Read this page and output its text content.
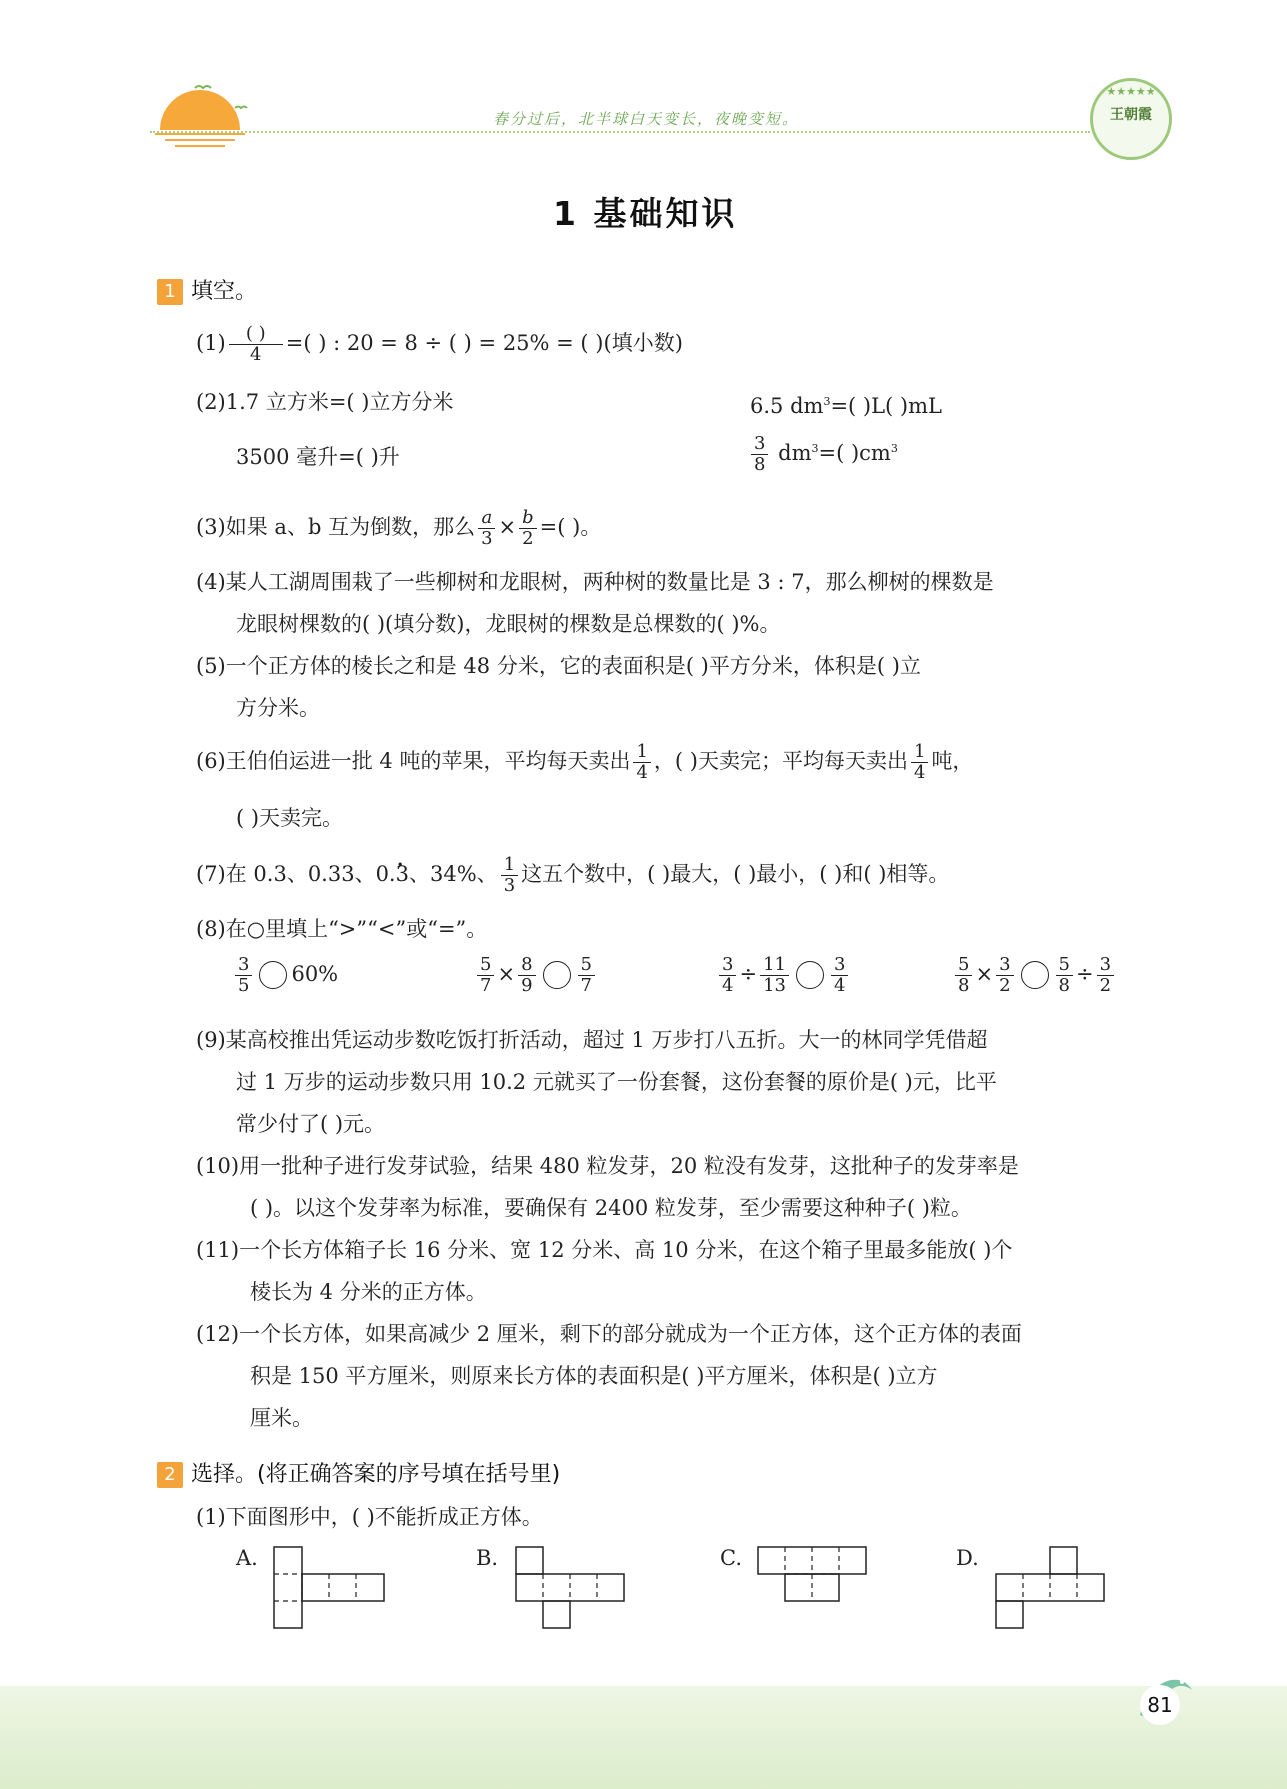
春分过后，北半球白天变长，夜晚变短。
★★★★★
王朝霞
1 基础知识
1 填空。
$(1) \frac{( )}{4}$ =( ) : 20 = 8 ÷ ( ) = 25% = ( )(填小数)
(2)1.7 立方米=( )立方分米	6.5 $dm^3=$( )L( )mL
3500 毫升=( )升	$\frac{3}{8} dm^3=$( )$cm^3$
(3)如果 a、b 互为倒数，那么 $\frac{a}{3} \times \frac{b}{2}$ =( )。
(4)某人工湖周围栽了一些柳树和龙眼树，两种树的数量比是 3 : 7，那么柳树的棵数是
龙眼树棵数的( )(填分数)，龙眼树的棵数是总棵数的( )%。
(5)一个正方体的棱长之和是 48 分米，它的表面积是( )平方分米，体积是( )立
方分米。
(6)王伯伯运进一批 4 吨的苹果，平均每天卖出 $\frac{1}{4}$ ，( )天卖完；平均每天卖出 $\frac{1}{4}$ 吨，
( )天卖完。
(7)在 0.3、0.33、0.• 3、34%、 $\frac{1}{3}$ 这五个数中，( )最大，( )最小，( )和( )相等。
(8)在○里填上“>”“<”或“=”。
$\frac{3}{5} 60\%$	$\frac{5}{7} \times \frac{8}{9} \frac{5}{7}$	$\frac{3}{4} \div \frac{11}{13} \frac{3}{4}$	$\frac{5}{8} \times \frac{3}{2} \frac{5}{8} \div \frac{3}{2}$
(9)某高校推出凭运动步数吃饭打折活动，超过 1 万步打八五折。大一的林同学凭借超
过 1 万步的运动步数只用 10.2 元就买了一份套餐，这份套餐的原价是( )元，比平
常少付了( )元。
(10)用一批种子进行发芽试验，结果 480 粒发芽，20 粒没有发芽，这批种子的发芽率是
( )。以这个发芽率为标准，要确保有 2400 粒发芽，至少需要这种种子( )粒。
(11)一个长方体箱子长 16 分米、宽 12 分米、高 10 分米，在这个箱子里最多能放( )个
棱长为 4 分米的正方体。
(12)一个长方体，如果高减少 2 厘米，剩下的部分就成为一个正方体，这个正方体的表面
积是 150 平方厘米，则原来长方体的表面积是( )平方厘米，体积是( )立方
厘米。
2 选择。(将正确答案的序号填在括号里)
(1)下面图形中，( )不能折成正方体。
A.	B.	C.	D.
81
